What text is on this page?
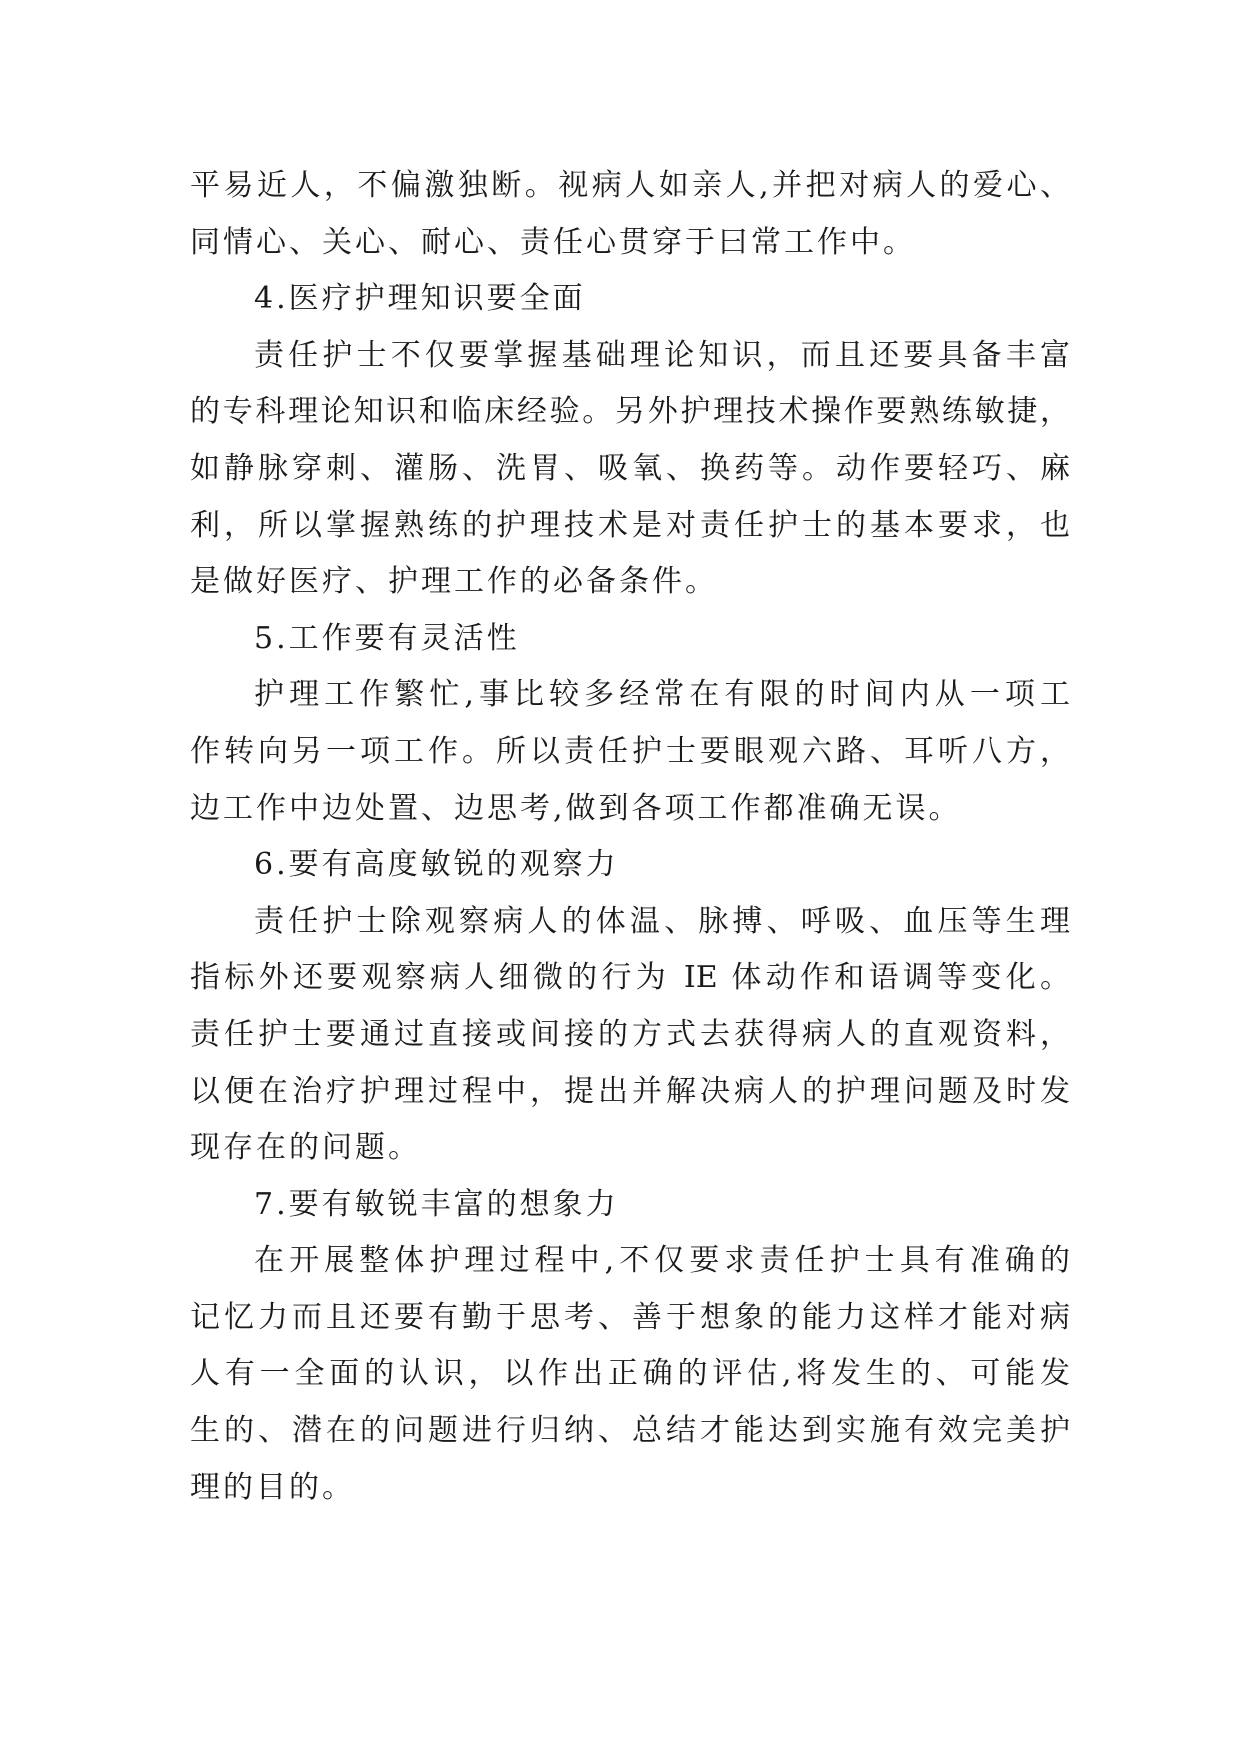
平易近人，不偏激独断。视病人如亲人,并把对病人的爱心、
同情心、关心、耐心、责任心贯穿于曰常工作中。
4.医疗护理知识要全面
责任护士不仅要掌握基础理论知识，而且还要具备丰富
的专科理论知识和临床经验。另外护理技术操作要熟练敏捷，
如静脉穿刺、灌肠、洗胃、吸氧、换药等。动作要轻巧、麻
利，所以掌握熟练的护理技术是对责任护士的基本要求，也
是做好医疗、护理工作的必备条件。
5.工作要有灵活性
护理工作繁忙,事比较多经常在有限的时间内从一项工
作转向另一项工作。所以责任护士要眼观六路、耳听八方，
边工作中边处置、边思考,做到各项工作都准确无误。
6.要有高度敏锐的观察力
责任护士除观察病人的体温、脉搏、呼吸、血压等生理
指标外还要观察病人细微的行为 IE 体动作和语调等变化。
责任护士要通过直接或间接的方式去获得病人的直观资料，
以便在治疗护理过程中，提出并解决病人的护理问题及时发
现存在的问题。
7.要有敏锐丰富的想象力
在开展整体护理过程中,不仅要求责任护士具有准确的
记忆力而且还要有勤于思考、善于想象的能力这样才能对病
人有一全面的认识，以作出正确的评估,将发生的、可能发
生的、潜在的问题进行归纳、总结才能达到实施有效完美护
理的目的。
